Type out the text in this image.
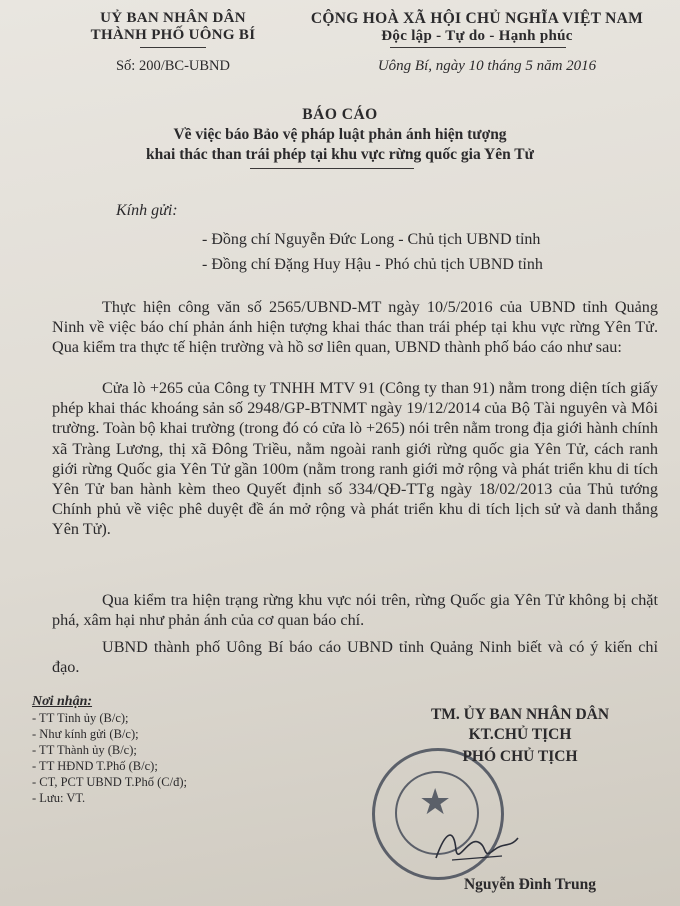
UỶ BAN NHÂN DÂN
THÀNH PHỐ UÔNG BÍ
Số: 200/BC-UBND
CỘNG HOÀ XÃ HỘI CHỦ NGHĨA VIỆT NAM
Độc lập - Tự do - Hạnh phúc
Uông Bí, ngày 10 tháng 5 năm 2016
BÁO CÁO
Về việc báo Bảo vệ pháp luật phản ánh hiện tượng
khai thác than trái phép tại khu vực rừng quốc gia Yên Tử
Kính gửi:
- Đồng chí Nguyễn Đức Long - Chủ tịch UBND tỉnh
- Đồng chí Đặng Huy Hậu - Phó chủ tịch UBND tỉnh

Thực hiện công văn số 2565/UBND-MT ngày 10/5/2016 của UBND tỉnh Quảng Ninh về việc báo chí phản ánh hiện tượng khai thác than trái phép tại khu vực rừng Yên Tử. Qua kiểm tra thực tế hiện trường và hồ sơ liên quan, UBND thành phố báo cáo như sau:

Cửa lò +265 của Công ty TNHH MTV 91 (Công ty than 91) nằm trong diện tích giấy phép khai thác khoáng sản số 2948/GP-BTNMT ngày 19/12/2014 của Bộ Tài nguyên và Môi trường. Toàn bộ khai trường (trong đó có cửa lò +265) nói trên nằm trong địa giới hành chính xã Tràng Lương, thị xã Đông Triều, nằm ngoài ranh giới rừng quốc gia Yên Tử, cách ranh giới rừng Quốc gia Yên Tử gần 100m (nằm trong ranh giới mở rộng và phát triển khu di tích Yên Tử ban hành kèm theo Quyết định số 334/QĐ-TTg ngày 18/02/2013 của Thủ tướng Chính phủ về việc phê duyệt đề án mở rộng và phát triển khu di tích lịch sử và danh thắng Yên Tử).

Qua kiểm tra hiện trạng rừng khu vực nói trên, rừng Quốc gia Yên Tử không bị chặt phá, xâm hại như phản ánh của cơ quan báo chí.

UBND thành phố Uông Bí báo cáo UBND tỉnh Quảng Ninh biết và có ý kiến chỉ đạo.

Nơi nhận:
- TT Tỉnh ủy (B/c);
- Như kính gửi (B/c);
- TT Thành ủy (B/c);
- TT HĐND T.Phố (B/c);
- CT, PCT UBND T.Phố (C/đ);
- Lưu: VT.	★
TM. ỦY BAN NHÂN DÂN
KT.CHỦ TỊCH
PHÓ CHỦ TỊCH
Nguyễn Đình Trung
